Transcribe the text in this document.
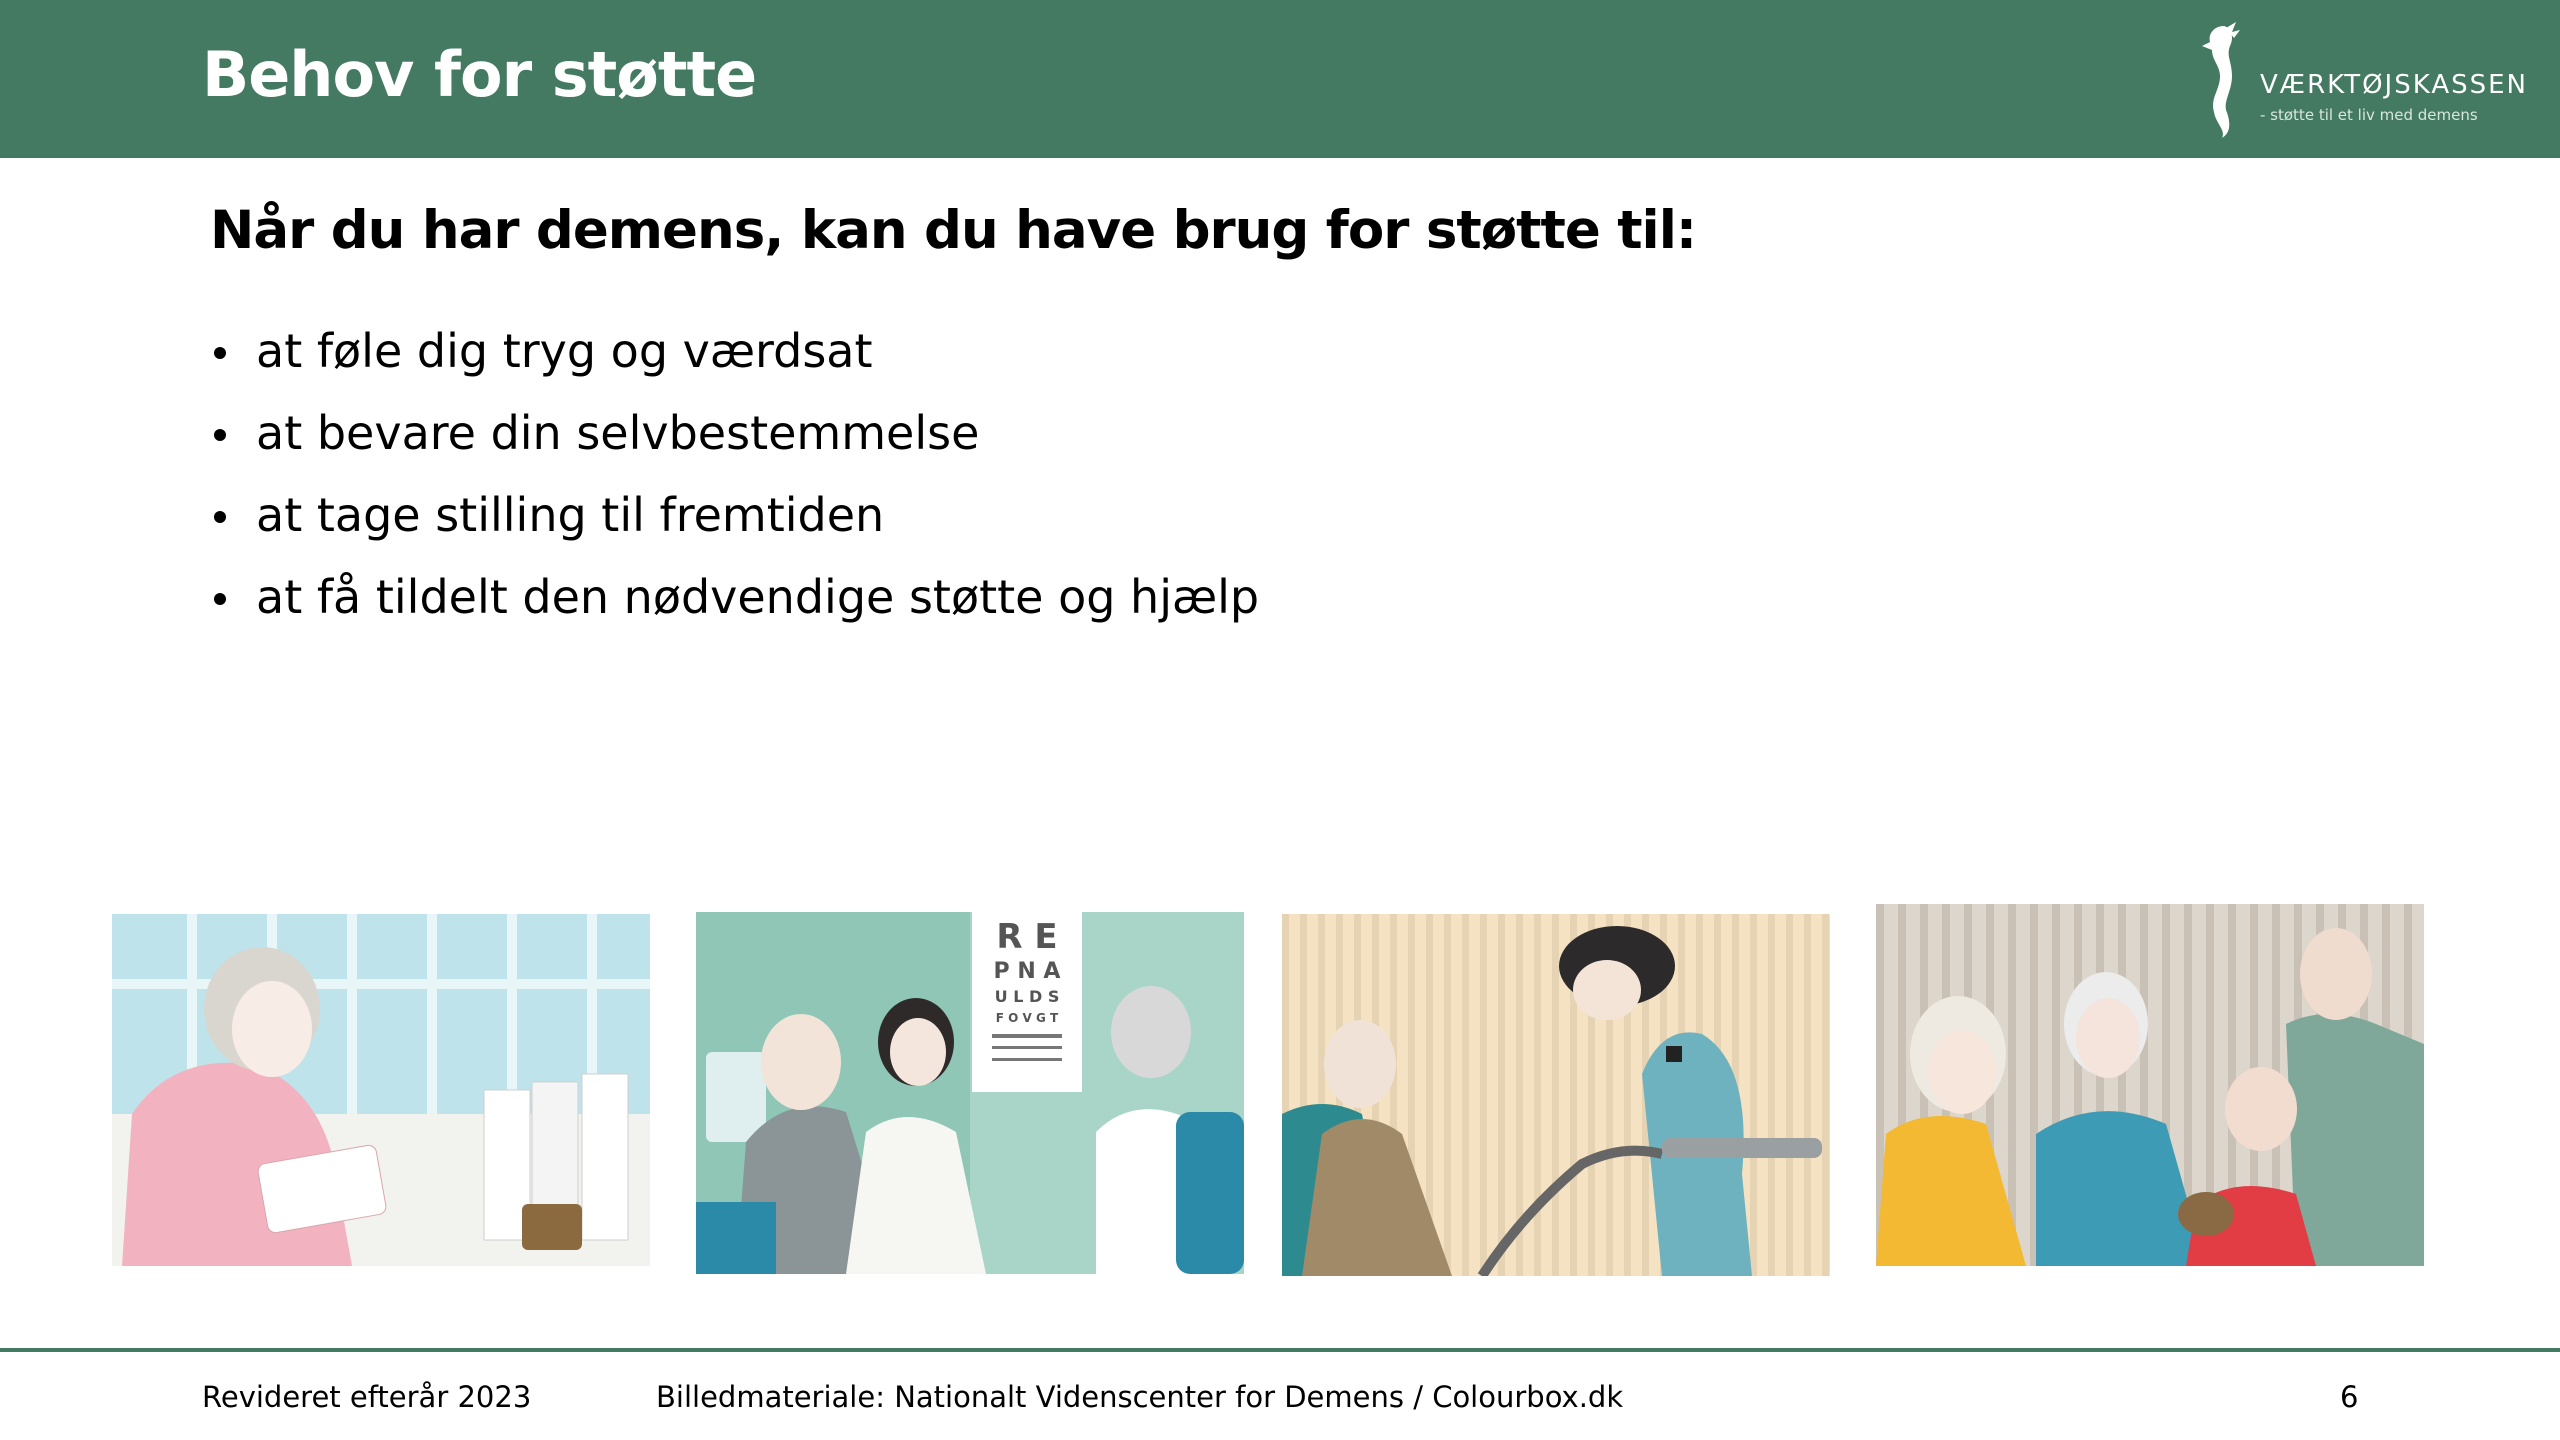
Behov for støtte	VÆRKTØJSKASSEN
- støtte til et liv med demens
Når du har demens, kan du have brug for støtte til:
at føle dig tryg og værdsat
at bevare din selvbestemmelse
at tage stilling til fremtiden
at få tildelt den nødvendige støtte og hjælp
R E
P N A
U L D S
F O V G T
Revideret efterår 2023	Billedmateriale: Nationalt Videnscenter for Demens / Colourbox.dk	6
